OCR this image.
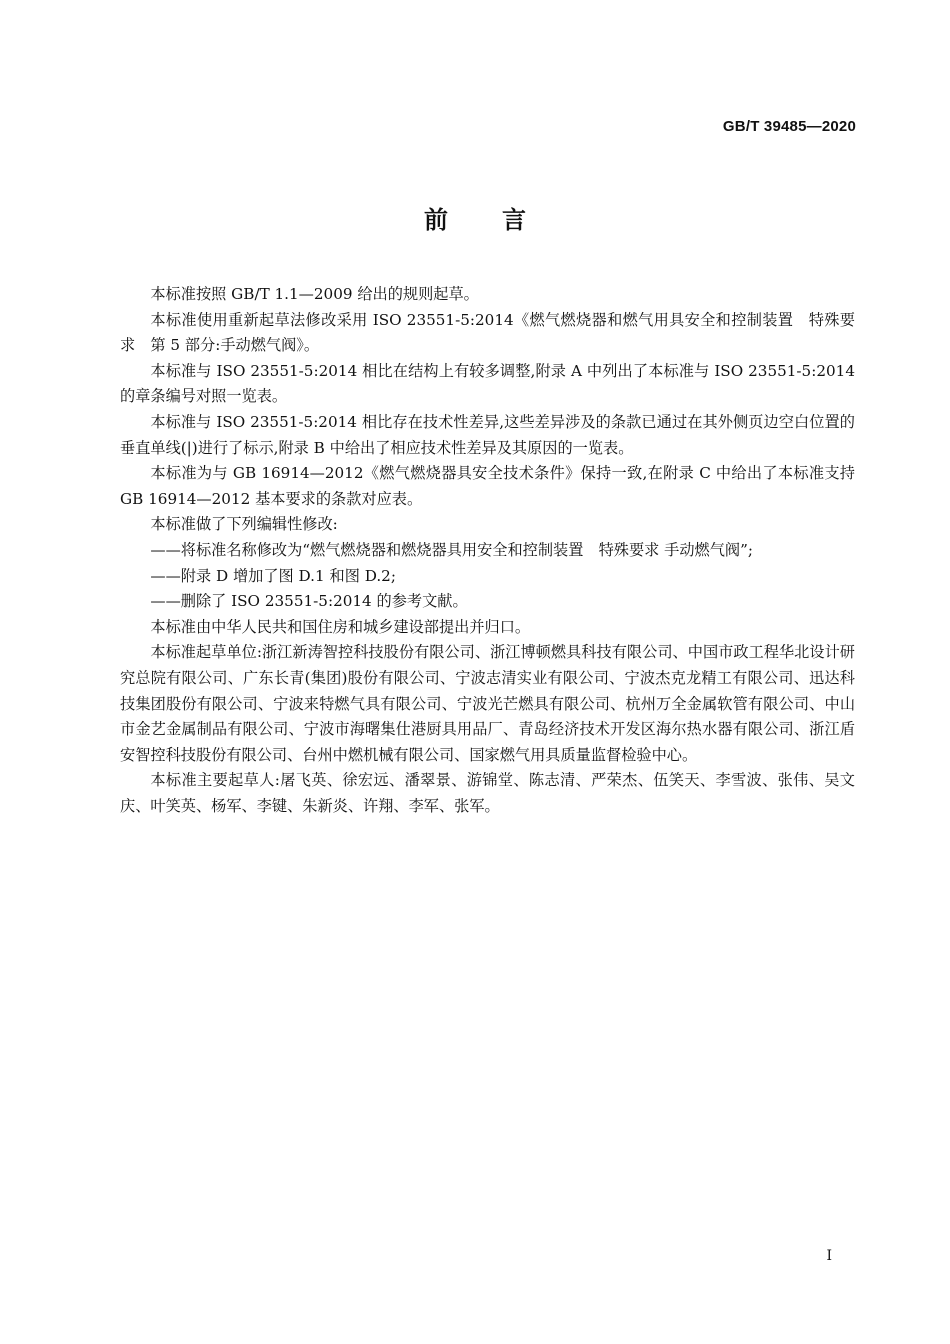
GB/T 39485—2020
前言

本标准按照 GB/T 1.1—2009 给出的规则起草。

本标准使用重新起草法修改采用 ISO 23551-5:2014《燃气燃烧器和燃气用具安全和控制装置　特殊要求　第 5 部分:手动燃气阀》。

本标准与 ISO 23551-5:2014 相比在结构上有较多调整,附录 A 中列出了本标准与 ISO 23551-5:2014 的章条编号对照一览表。

本标准与 ISO 23551-5:2014 相比存在技术性差异,这些差异涉及的条款已通过在其外侧页边空白位置的垂直单线(|)进行了标示,附录 B 中给出了相应技术性差异及其原因的一览表。

本标准为与 GB 16914—2012《燃气燃烧器具安全技术条件》保持一致,在附录 C 中给出了本标准支持 GB 16914—2012 基本要求的条款对应表。

本标准做了下列编辑性修改:

——将标准名称修改为“燃气燃烧器和燃烧器具用安全和控制装置　特殊要求 手动燃气阀”;

——附录 D 增加了图 D.1 和图 D.2;

——删除了 ISO 23551-5:2014 的参考文献。

本标准由中华人民共和国住房和城乡建设部提出并归口。

本标准起草单位:浙江新涛智控科技股份有限公司、浙江博顿燃具科技有限公司、中国市政工程华北设计研究总院有限公司、广东长青(集团)股份有限公司、宁波志清实业有限公司、宁波杰克龙精工有限公司、迅达科技集团股份有限公司、宁波来特燃气具有限公司、宁波光芒燃具有限公司、杭州万全金属软管有限公司、中山市金艺金属制品有限公司、宁波市海曙集仕港厨具用品厂、青岛经济技术开发区海尔热水器有限公司、浙江盾安智控科技股份有限公司、台州中燃机械有限公司、国家燃气用具质量监督检验中心。

本标准主要起草人:屠飞英、徐宏远、潘翠景、游锦堂、陈志清、严荣杰、伍笑天、李雪波、张伟、吴文庆、叶笑英、杨军、李键、朱新炎、许翔、李军、张军。

I
